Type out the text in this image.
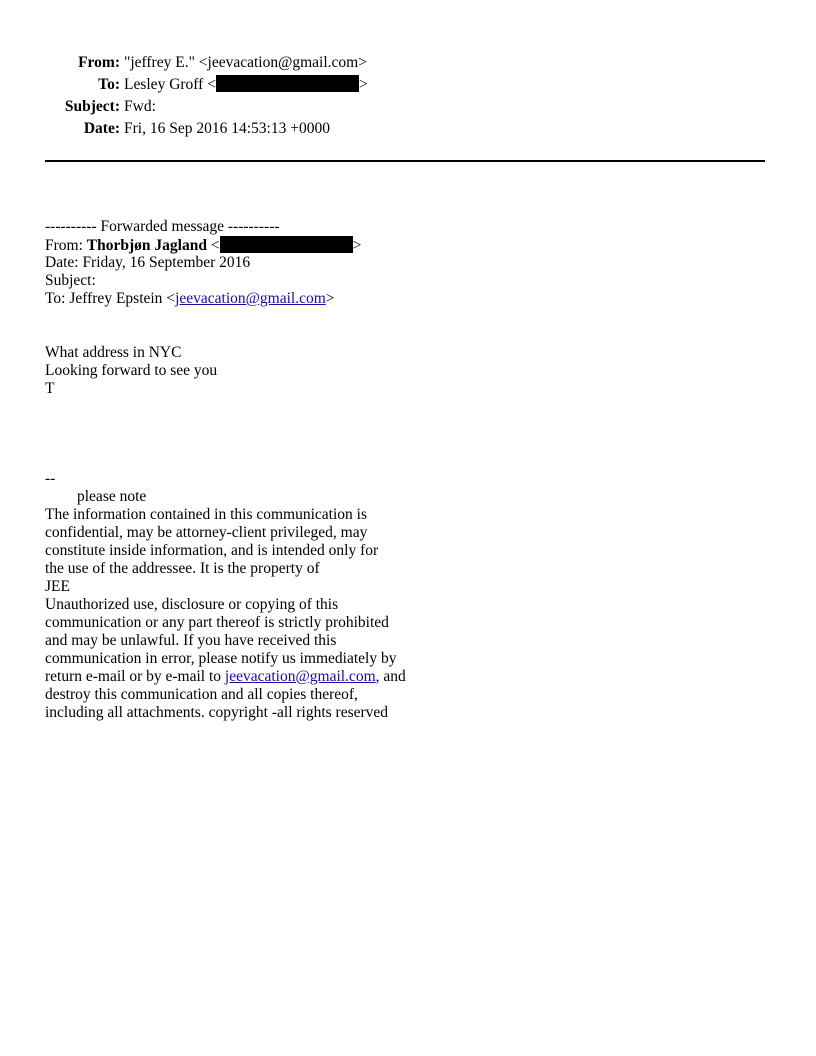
From: "jeffrey E." <jeevacation@gmail.com>
To: Lesley Groff <	>
Subject: Fwd:
Date: Fri, 16 Sep 2016 14:53:13 +0000
---------- Forwarded message ----------
From: Thorbjøn Jagland <	>
Date: Friday, 16 September 2016
Subject:
To: Jeffrey Epstein <jeevacation@gmail.com>
What address in NYC
Looking forward to see you
T
--
please note
The information contained in this communication is
confidential, may be attorney-client privileged, may
constitute inside information, and is intended only for
the use of the addressee. It is the property of
JEE
Unauthorized use, disclosure or copying of this
communication or any part thereof is strictly prohibited
and may be unlawful. If you have received this
communication in error, please notify us immediately by
return e-mail or by e-mail to jeevacation@gmail.com, and
destroy this communication and all copies thereof,
including all attachments. copyright -all rights reserved
